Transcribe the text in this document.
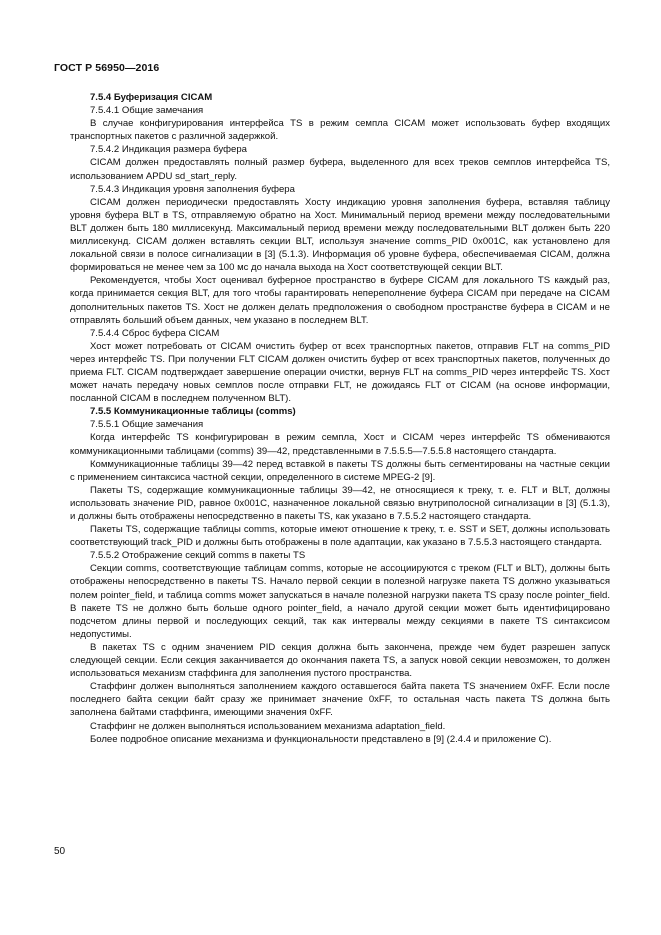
ГОСТ Р 56950—2016

7.5.4 Буферизация CICAM

7.5.4.1 Общие замечания

В случае конфигурирования интерфейса TS в режим семпла CICAM может использовать буфер входящих транспортных пакетов с различной задержкой.

7.5.4.2 Индикация размера буфера

CICAM должен предоставлять полный размер буфера, выделенного для всех треков семплов интерфейса TS, использованием APDU sd_start_reply.

7.5.4.3 Индикация уровня заполнения буфера

CICAM должен периодически предоставлять Хосту индикацию уровня заполнения буфера, вставляя таблицу уровня буфера BLT в TS, отправляемую обратно на Хост. Минимальный период времени между последовательными BLT должен быть 180 миллисекунд. Максимальный период времени между последовательными BLT должен быть 220 миллисекунд. CICAM должен вставлять секции BLT, используя значение comms_PID 0x001C, как установлено для локальной связи в полосе сигнализации в [3] (5.1.3). Информация об уровне буфера, обеспечиваемая CICAM, должна формироваться не менее чем за 100 мс до начала выхода на Хост соответствующей секции BLT.

Рекомендуется, чтобы Хост оценивал буферное пространство в буфере CICAM для локального TS каждый раз, когда принимается секция BLT, для того чтобы гарантировать непереполнение буфера CICAM при передаче на CICAM дополнительных пакетов TS. Хост не должен делать предположения о свободном пространстве буфера в CICAM и не отправлять больший объем данных, чем указано в последнем BLT.

7.5.4.4 Сброс буфера CICAM

Хост может потребовать от CICAM очистить буфер от всех транспортных пакетов, отправив FLT на comms_PID через интерфейс TS. При получении FLT CICAM должен очистить буфер от всех транспортных пакетов, полученных до приема FLT. CICAM подтверждает завершение операции очистки, вернув FLT на comms_PID через интерфейс TS. Хост может начать передачу новых семплов после отправки FLT, не дожидаясь FLT от CICAM (на основе информации, посланной CICAM в последнем полученном BLT).

7.5.5 Коммуникационные таблицы (comms)

7.5.5.1 Общие замечания

Когда интерфейс TS конфигурирован в режим семпла, Хост и CICAM через интерфейс TS обмениваются коммуникационными таблицами (comms) 39—42, представленными в 7.5.5.5—7.5.5.8 настоящего стандарта.

Коммуникационные таблицы 39—42 перед вставкой в пакеты TS должны быть сегментированы на частные секции с применением синтаксиса частной секции, определенного в системе MPEG-2 [9].

Пакеты TS, содержащие коммуникационные таблицы 39—42, не относящиеся к треку, т. е. FLT и BLT, должны использовать значение PID, равное 0x001C, назначенное локальной связью внутриполосной сигнализации в [3] (5.1.3), и должны быть отображены непосредственно в пакеты TS, как указано в 7.5.5.2 настоящего стандарта.

Пакеты TS, содержащие таблицы comms, которые имеют отношение к треку, т. е. SST и SET, должны использовать соответствующий track_PID и должны быть отображены в поле адаптации, как указано в 7.5.5.3 настоящего стандарта.

7.5.5.2 Отображение секций comms в пакеты TS

Секции comms, соответствующие таблицам comms, которые не ассоциируются с треком (FLT и BLT), должны быть отображены непосредственно в пакеты TS. Начало первой секции в полезной нагрузке пакета TS должно указываться полем pointer_field, и таблица comms может запускаться в начале полезной нагрузки пакета TS сразу после pointer_field. В пакете TS не должно быть больше одного pointer_field, а начало другой секции может быть идентифицировано подсчетом длины первой и последующих секций, так как интервалы между секциями в пакете TS синтаксисом недопустимы.

В пакетах TS с одним значением PID секция должна быть закончена, прежде чем будет разрешен запуск следующей секции. Если секция заканчивается до окончания пакета TS, а запуск новой секции невозможен, то должен использоваться механизм стаффинга для заполнения пустого пространства.

Стаффинг должен выполняться заполнением каждого оставшегося байта пакета TS значением 0xFF. Если после последнего байта секции байт сразу же принимает значение 0xFF, то остальная часть пакета TS должна быть заполнена байтами стаффинга, имеющими значения 0xFF.

Стаффинг не должен выполняться использованием механизма adaptation_field.

Более подробное описание механизма и функциональности представлено в [9] (2.4.4 и приложение C).

50
